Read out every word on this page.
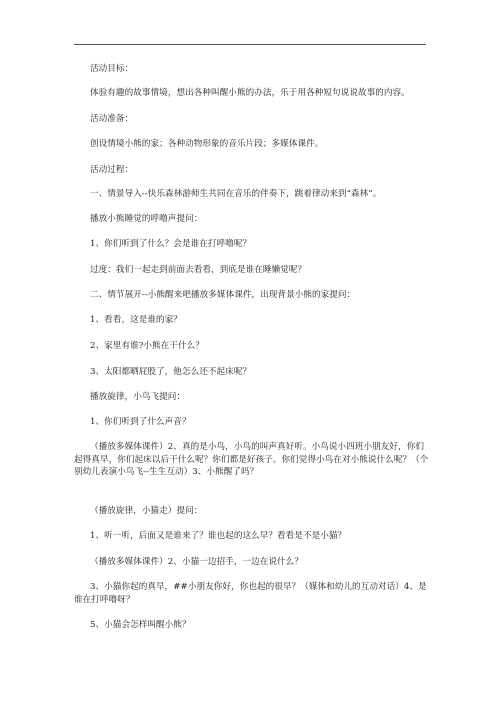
活动目标：
体验有趣的故事情境，想出各种叫醒小熊的办法，乐于用各种短句说说故事的内容。
活动准备：
创设情境小熊的家；各种动物形象的音乐片段；多媒体课件。
活动过程：
一、情景导入--快乐森林游师生共同在音乐的伴奏下，跳着律动来到“森林”。
播放小熊睡觉的呼噜声提问：
1、你们听到了什么？会是谁在打呼噜呢？
过度：我们一起走到前面去看看，到底是谁在睡懒觉呢？
二、情节展开--小熊醒来吧播放多媒体课件，出现背景小熊的家提问：
1、看看，这是谁的家？
2、家里有谁?小熊在干什么？
3、太阳都晒屁股了，他怎么还不起床呢？
播放旋律，小鸟飞提问：
1、你们听到了什么声音？
（播放多媒体课件）2、真的是小鸟，小鸟的叫声真好听。小鸟说小四班小朋友好，你们起得真早，你们起床以后干什么呢？你们都是好孩子。你们觉得小鸟在对小熊说什么呢？（个别幼儿表演小鸟飞--生生互动）3、小熊醒了吗？
（播放旋律，小猫走）提问：
1、听一听，后面又是谁来了？谁也起的这么早？看看是不是小猫？
（播放多媒体课件）2、小猫一边招手，一边在说什么？
3、小猫你起的真早，##小朋友你好，你也起的很早？（媒体和幼儿的互动对话）4、是谁在打呼噜呀？
5、小猫会怎样叫醒小熊？
